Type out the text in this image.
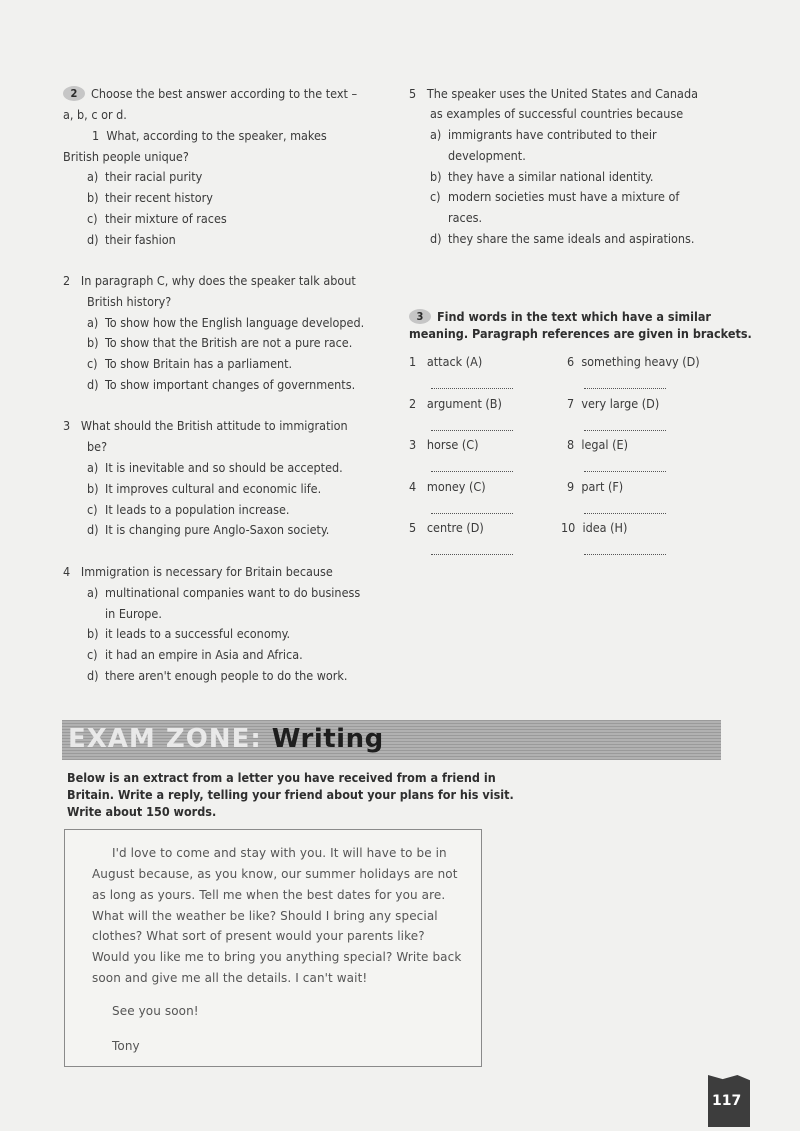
2 Choose the best answer according to the text –
a, b, c or d.
1 What, according to the speaker, makes
British people unique?
a) their racial purity
b) their recent history
c) their mixture of races
d) their fashion
2 In paragraph C, why does the speaker talk about
British history?
a) To show how the English language developed.
b) To show that the British are not a pure race.
c) To show Britain has a parliament.
d) To show important changes of governments.
3 What should the British attitude to immigration
be?
a) It is inevitable and so should be accepted.
b) It improves cultural and economic life.
c) It leads to a population increase.
d) It is changing pure Anglo-Saxon society.
4 Immigration is necessary for Britain because
a) multinational companies want to do business
in Europe.
b) it leads to a successful economy.
c) it had an empire in Asia and Africa.
d) there aren't enough people to do the work.
5 The speaker uses the United States and Canada
as examples of successful countries because
a) immigrants have contributed to their
development.
b) they have a similar national identity.
c) modern societies must have a mixture of
races.
d) they share the same ideals and aspirations.
3 Find words in the text which have a similar
meaning. Paragraph references are given in brackets.
1 attack (A)
2 argument (B)
3 horse (C)
4 money (C)
5 centre (D)
6 something heavy (D)
7 very large (D)
8 legal (E)
9 part (F)
10 idea (H)
EXAM ZONE: Writing
Below is an extract from a letter you have received from a friend in
Britain. Write a reply, telling your friend about your plans for his visit.
Write about 150 words.
I'd love to come and stay with you. It will have to be in
August because, as you know, our summer holidays are not
as long as yours. Tell me when the best dates for you are.
What will the weather be like? Should I bring any special
clothes? What sort of present would your parents like?
Would you like me to bring you anything special? Write back
soon and give me all the details. I can't wait!
See you soon!
Tony
117
